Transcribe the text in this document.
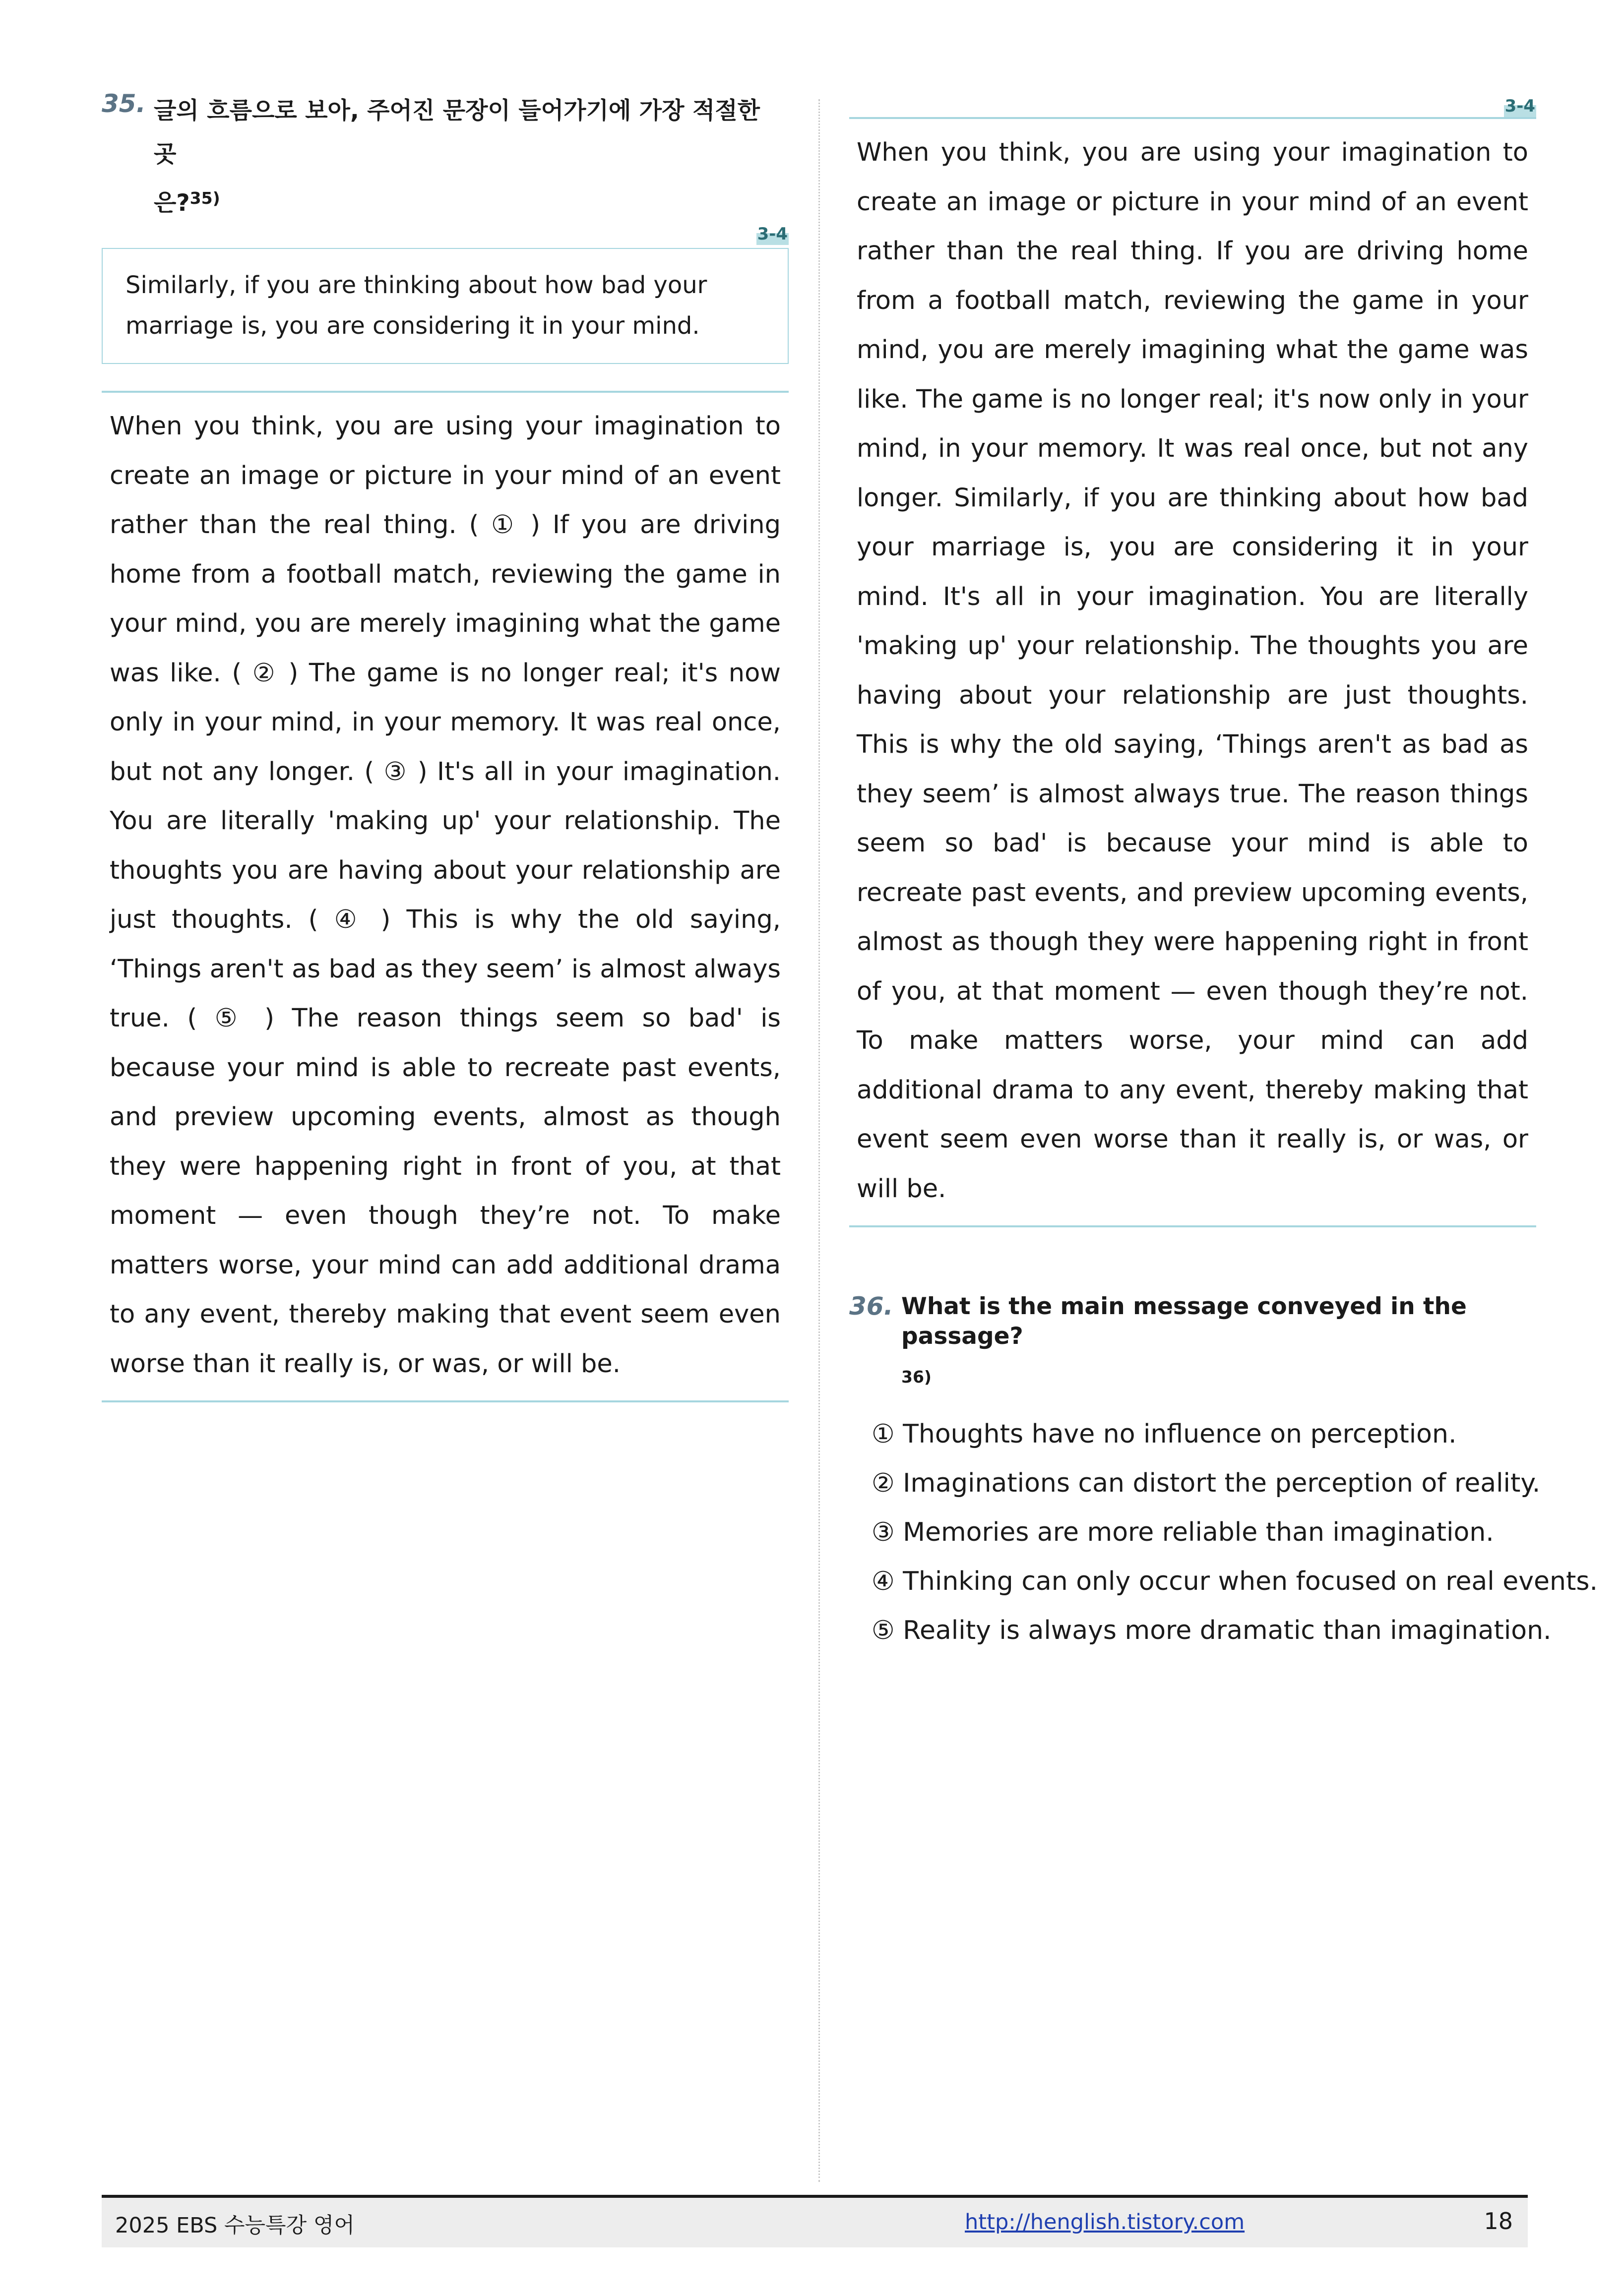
35. 글의 흐름으로 보아, 주어진 문장이 들어가기에 가장 적절한 곳
은?$^{35)}$
3-4
Similarly, if you are thinking about how bad your marriage is, you are considering it in your mind.
When you think, you are using your imagination to create an image or picture in your mind of an event rather than the real thing. ( ① ) If you are driving home from a football match, reviewing the game in your mind, you are merely imagining what the game was like. ( ② ) The game is no longer real; it's now only in your mind, in your memory. It was real once, but not any longer. ( ③ ) It's all in your imagination. You are literally 'making up' your relationship. The thoughts you are having about your relationship are just thoughts. ( ④ ) This is why the old saying, ‘Things aren't as bad as they seem’ is almost always true. ( ⑤ ) The reason things seem so bad' is because your mind is able to recreate past events, and preview upcoming events, almost as though they were happening right in front of you, at that moment — even though they’re not. To make matters worse, your mind can add additional drama to any event, thereby making that event seem even worse than it really is, or was, or will be.
3-4
When you think, you are using your imagination to create an image or picture in your mind of an event rather than the real thing. If you are driving home from a football match, reviewing the game in your mind, you are merely imagining what the game was like. The game is no longer real; it's now only in your mind, in your memory. It was real once, but not any longer. Similarly, if you are thinking about how bad your marriage is, you are considering it in your mind. It's all in your imagination. You are literally 'making up' your relationship. The thoughts you are having about your relationship are just thoughts. This is why the old saying, ‘Things aren't as bad as they seem’ is almost always true. The reason things seem so bad' is because your mind is able to recreate past events, and preview upcoming events, almost as though they were happening right in front of you, at that moment — even though they’re not. To make matters worse, your mind can add additional drama to any event, thereby making that event seem even worse than it really is, or was, or will be.
36. What is the main message conveyed in the passage?
36)
① Thoughts have no influence on perception.
② Imaginations can distort the perception of reality.
③ Memories are more reliable than imagination.
④ Thinking can only occur when focused on real events.
⑤ Reality is always more dramatic than imagination.
2025 EBS 수능특강 영어	http://henglish.tistory.com	18
